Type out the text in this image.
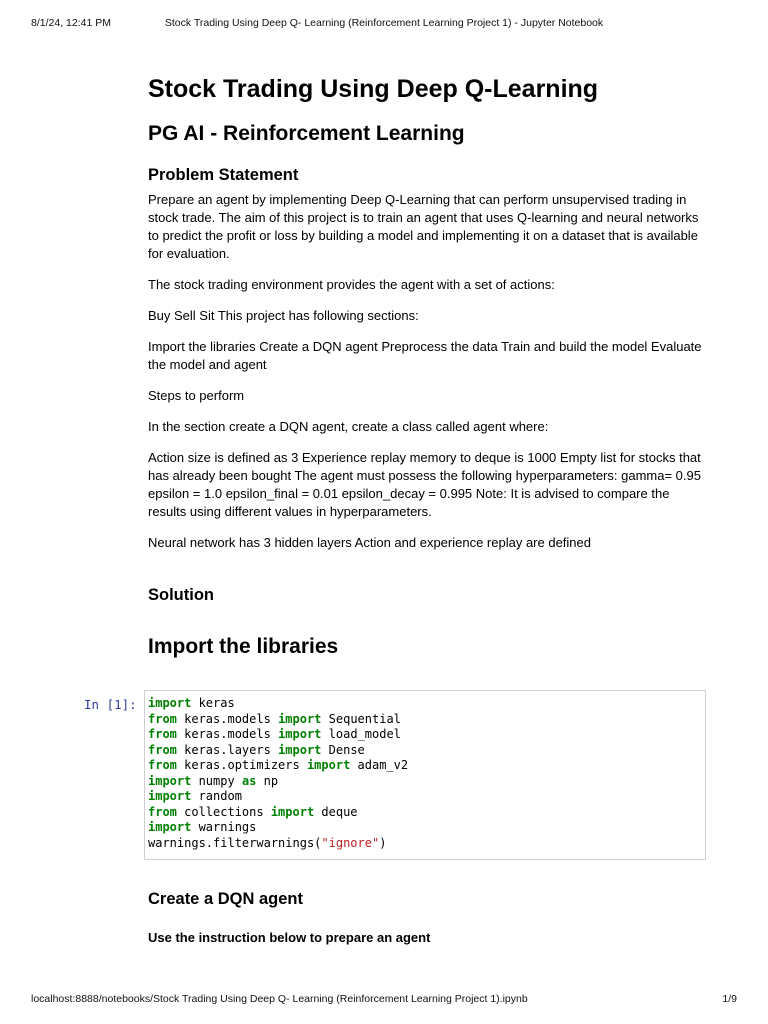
8/1/24, 12:41 PM	Stock Trading Using Deep Q- Learning (Reinforcement Learning Project 1) - Jupyter Notebook
Stock Trading Using Deep Q-Learning
PG AI - Reinforcement Learning
Problem Statement

Prepare an agent by implementing Deep Q-Learning that can perform unsupervised trading in stock trade. The aim of this project is to train an agent that uses Q-learning and neural networks to predict the profit or loss by building a model and implementing it on a dataset that is available for evaluation.

The stock trading environment provides the agent with a set of actions:

Buy Sell Sit This project has following sections:

Import the libraries Create a DQN agent Preprocess the data Train and build the model Evaluate the model and agent

Steps to perform

In the section create a DQN agent, create a class called agent where:

Action size is defined as 3 Experience replay memory to deque is 1000 Empty list for stocks that has already been bought The agent must possess the following hyperparameters: gamma= 0.95 epsilon = 1.0 epsilon_final = 0.01 epsilon_decay = 0.995 Note: It is advised to compare the results using different values in hyperparameters.

Neural network has 3 hidden layers Action and experience replay are defined

Solution
Import the libraries
In [1]: import keras
from keras.models import Sequential
from keras.models import load_model
from keras.layers import Dense
from keras.optimizers import adam_v2
import numpy as np
import random
from collections import deque
import warnings
warnings.filterwarnings("ignore")
Create a DQN agent
Use the instruction below to prepare an agent
localhost:8888/notebooks/Stock Trading Using Deep Q- Learning (Reinforcement Learning Project 1).ipynb	1/9
